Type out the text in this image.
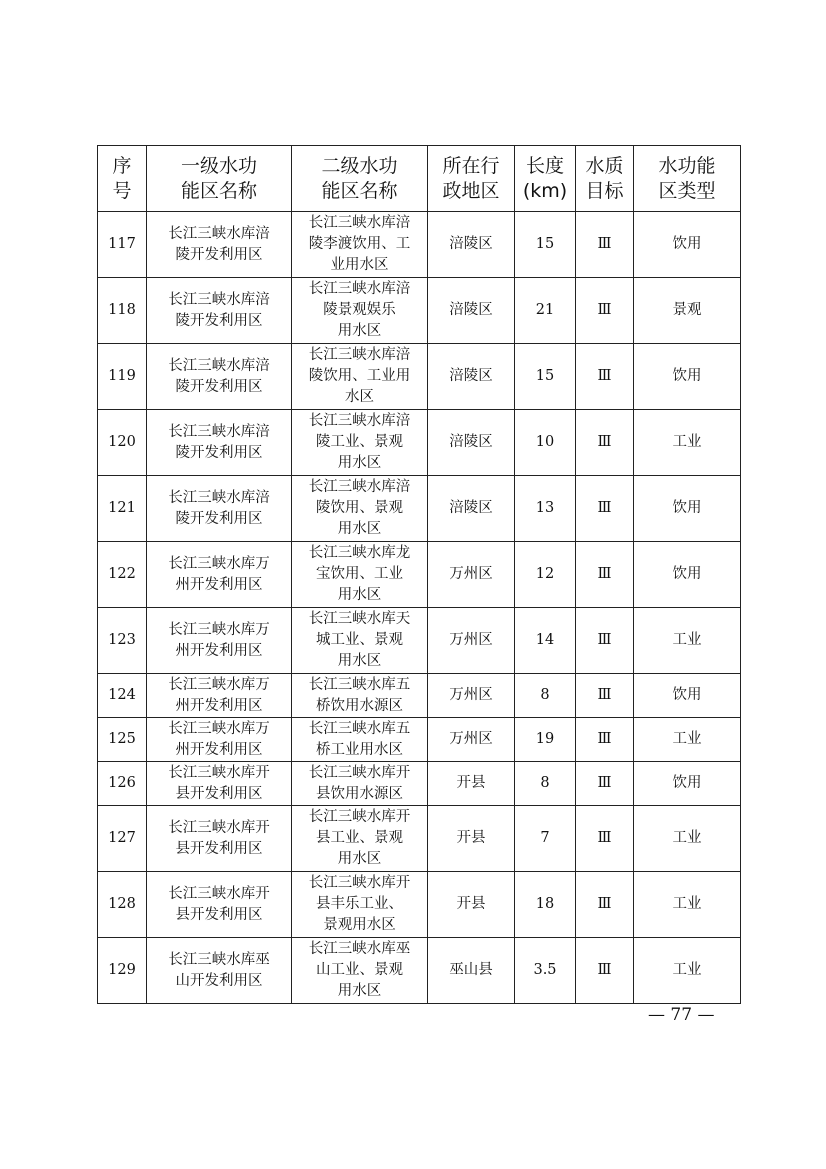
序
号	一级水功
能区名称	二级水功
能区名称	所在行
政地区	长度
(km)	水质
目标	水功能
区类型

117	长江三峡水库涪
陵开发利用区	长江三峡水库涪
陵李渡饮用、工
业用水区	涪陵区	15	Ⅲ	饮用

118	长江三峡水库涪
陵开发利用区	长江三峡水库涪
陵景观娱乐
用水区	涪陵区	21	Ⅲ	景观

119	长江三峡水库涪
陵开发利用区	长江三峡水库涪
陵饮用、工业用
水区	涪陵区	15	Ⅲ	饮用

120	长江三峡水库涪
陵开发利用区	长江三峡水库涪
陵工业、景观
用水区	涪陵区	10	Ⅲ	工业

121	长江三峡水库涪
陵开发利用区	长江三峡水库涪
陵饮用、景观
用水区	涪陵区	13	Ⅲ	饮用

122	长江三峡水库万
州开发利用区	长江三峡水库龙
宝饮用、工业
用水区	万州区	12	Ⅲ	饮用

123	长江三峡水库万
州开发利用区	长江三峡水库天
城工业、景观
用水区	万州区	14	Ⅲ	工业

124	长江三峡水库万
州开发利用区	长江三峡水库五
桥饮用水源区	万州区	8	Ⅲ	饮用

125	长江三峡水库万
州开发利用区	长江三峡水库五
桥工业用水区	万州区	19	Ⅲ	工业

126	长江三峡水库开
县开发利用区	长江三峡水库开
县饮用水源区	开县	8	Ⅲ	饮用

127	长江三峡水库开
县开发利用区	长江三峡水库开
县工业、景观
用水区	开县	7	Ⅲ	工业

128	长江三峡水库开
县开发利用区	长江三峡水库开
县丰乐工业、
景观用水区	开县	18	Ⅲ	工业

129	长江三峡水库巫
山开发利用区	长江三峡水库巫
山工业、景观
用水区	巫山县	3.5	Ⅲ	工业
— 77 —
